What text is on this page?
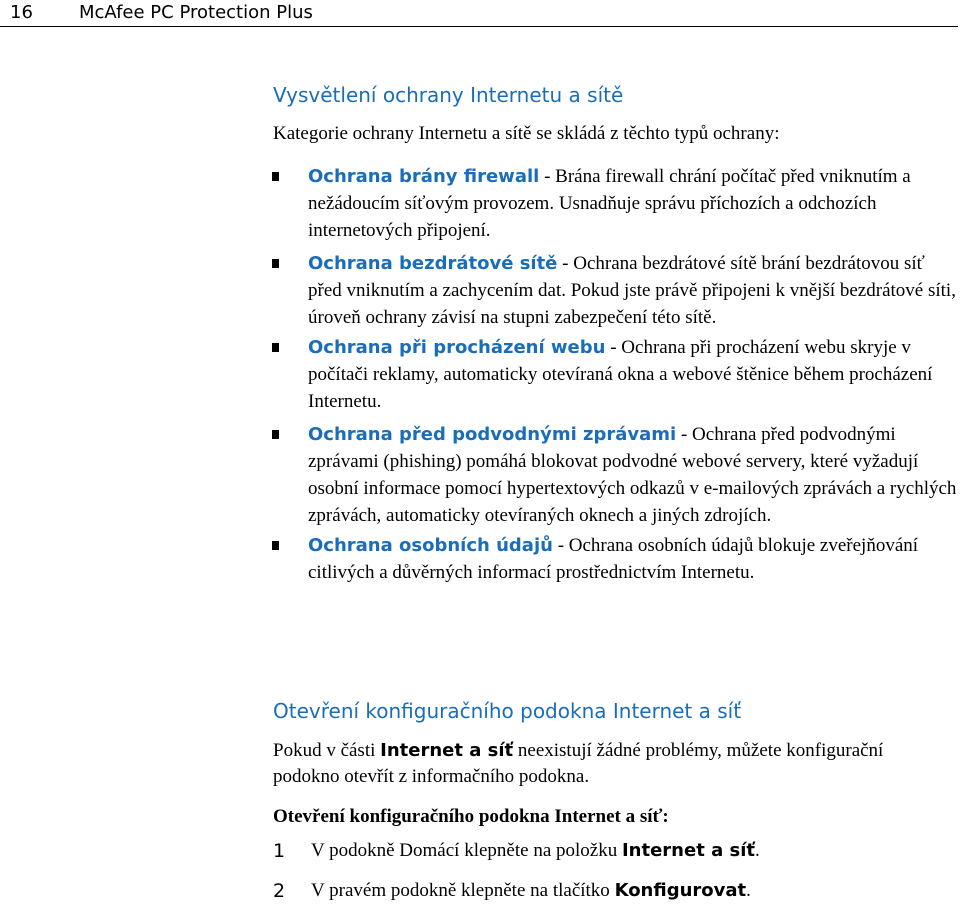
16	McAfee PC Protection Plus
Vysvětlení ochrany Internetu a sítě

Kategorie ochrany Internetu a sítě se skládá z těchto typů ochrany:

Ochrana brány firewall - Brána firewall chrání počítač před vniknutím a nežádoucím síťovým provozem. Usnadňuje správu příchozích a odchozích internetových připojení.
Ochrana bezdrátové sítě - Ochrana bezdrátové sítě brání bezdrátovou síť před vniknutím a zachycením dat. Pokud jste právě připojeni k vnější bezdrátové síti, úroveň ochrany závisí na stupni zabezpečení této sítě.
Ochrana při procházení webu - Ochrana při procházení webu skryje v počítači reklamy, automaticky otevíraná okna a webové štěnice během procházení Internetu.
Ochrana před podvodnými zprávami - Ochrana před podvodnými zprávami (phishing) pomáhá blokovat podvodné webové servery, které vyžadují osobní informace pomocí hypertextových odkazů v e-mailových zprávách a rychlých zprávách, automaticky otevíraných oknech a jiných zdrojích.
Ochrana osobních údajů - Ochrana osobních údajů blokuje zveřejňování citlivých a důvěrných informací prostřednictvím Internetu.
Otevření konfiguračního podokna Internet a síť

Pokud v části Internet a síť neexistují žádné problémy, můžete konfigurační podokno otevřít z informačního podokna.

Otevření konfiguračního podokna Internet a síť:

1 V podokně Domácí klepněte na položku Internet a síť.
2 V pravém podokně klepněte na tlačítko Konfigurovat.
